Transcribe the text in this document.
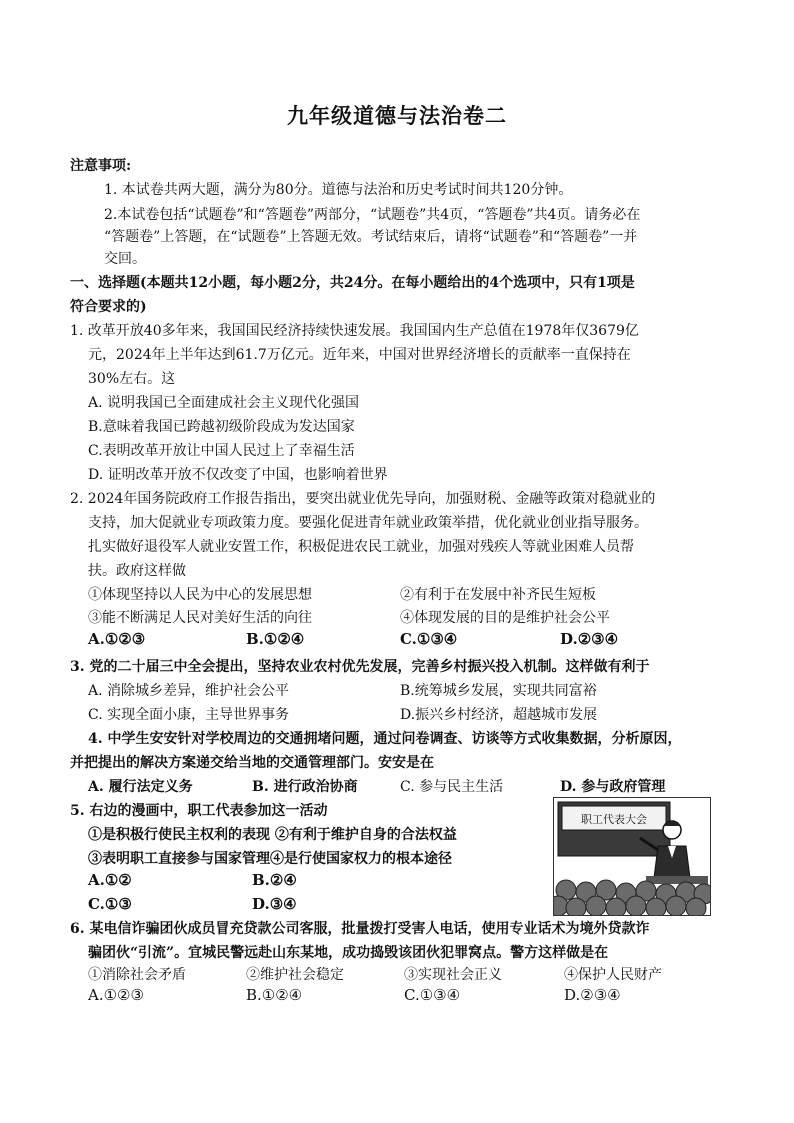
九年级道德与法治卷二
注意事项:
1. 本试卷共两大题，满分为80分。道德与法治和历史考试时间共120分钟。
2.本试卷包括“试题卷”和“答题卷”两部分，“试题卷”共4页，“答题卷”共4页。请务必在
“答题卷”上答题，在“试题卷”上答题无效。考试结束后，请将“试题卷”和“答题卷”一并
交回。
一、选择题(本题共12小题，每小题2分，共24分。在每小题给出的4个选项中，只有1项是
符合要求的)
1. 改革开放40多年来，我国国民经济持续快速发展。我国国内生产总值在1978年仅3679亿
元，2024年上半年达到61.7万亿元。近年来，中国对世界经济增长的贡献率一直保持在
30%左右。这
A. 说明我国已全面建成社会主义现代化强国
B.意味着我国已跨越初级阶段成为发达国家
C.表明改革开放让中国人民过上了幸福生活
D. 证明改革开放不仅改变了中国，也影响着世界
2. 2024年国务院政府工作报告指出，要突出就业优先导向，加强财税、金融等政策对稳就业的
支持，加大促就业专项政策力度。要强化促进青年就业政策举措，优化就业创业指导服务。
扎实做好退役军人就业安置工作，积极促进农民工就业，加强对残疾人等就业困难人员帮
扶。政府这样做
①体现坚持以人民为中心的发展思想	②有利于在发展中补齐民生短板
③能不断满足人民对美好生活的向往	④体现发展的目的是维护社会公平
A.①②③	B.①②④	C.①③④	D.②③④
3. 党的二十届三中全会提出，坚持农业农村优先发展，完善乡村振兴投入机制。这样做有利于
A. 消除城乡差异，维护社会公平	B.统筹城乡发展，实现共同富裕
C. 实现全面小康，主导世界事务	D.振兴乡村经济，超越城市发展
4. 中学生安安针对学校周边的交通拥堵问题，通过问卷调查、访谈等方式收集数据，分析原因，
并把提出的解决方案递交给当地的交通管理部门。安安是在
A. 履行法定义务	B. 进行政治协商	C. 参与民主生活	D. 参与政府管理
5. 右边的漫画中，职工代表参加这一活动
①是积极行使民主权利的表现 ②有利于维护自身的合法权益
③表明职工直接参与国家管理④是行使国家权力的根本途径
A.①②	B.②④
C.①③	D.③④
职工代表大会
6. 某电信诈骗团伙成员冒充贷款公司客服，批量拨打受害人电话，使用专业话术为境外贷款诈
骗团伙“引流”。宜城民警远赴山东某地，成功捣毁该团伙犯罪窝点。警方这样做是在
①消除社会矛盾	②维护社会稳定	③实现社会正义	④保护人民财产
A.①②③	B.①②④	C.①③④	D.②③④
